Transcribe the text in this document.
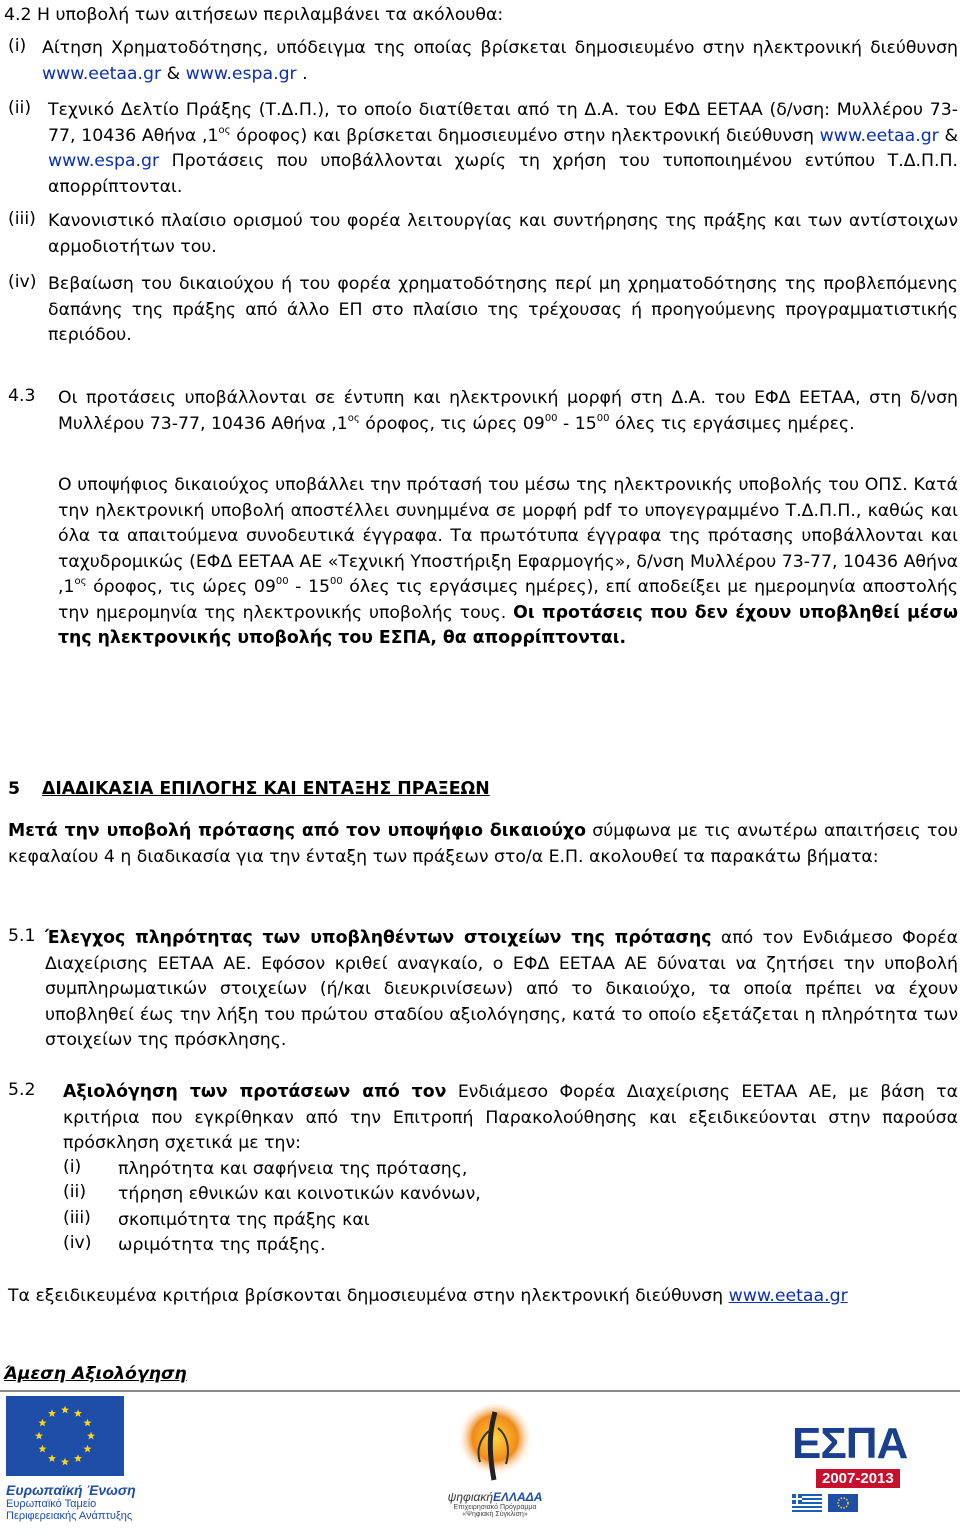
4.2 Η υποβολή των αιτήσεων περιλαμβάνει τα ακόλουθα:

(i) Αίτηση Χρηματοδότησης, υπόδειγμα της οποίας βρίσκεται δημοσιευμένο στην ηλεκτρονική διεύθυνση www.eetaa.gr & www.espa.gr .

(ii) Τεχνικό Δελτίο Πράξης (Τ.Δ.Π.), το οποίο διατίθεται από τη Δ.Α. του ΕΦΔ ΕΕΤΑΑ (δ/νση: Μυλλέρου 73-77, 10436 Αθήνα $,1^{o\varsigma}$ όροφος) και βρίσκεται δημοσιευμένο στην ηλεκτρονική διεύθυνση www.eetaa.gr & www.espa.gr Προτάσεις που υποβάλλονται χωρίς τη χρήση του τυποποιημένου εντύπου Τ.Δ.Π.Π. απορρίπτονται.

(iii) Κανονιστικό πλαίσιο ορισμού του φορέα λειτουργίας και συντήρησης της πράξης και των αντίστοιχων αρμοδιοτήτων του.

(iv) Βεβαίωση του δικαιούχου ή του φορέα χρηματοδότησης περί μη χρηματοδότησης της προβλεπόμενης δαπάνης της πράξης από άλλο ΕΠ στο πλαίσιο της τρέχουσας ή προηγούμενης προγραμματιστικής περιόδου.

4.3	Οι προτάσεις υποβάλλονται σε έντυπη και ηλεκτρονική μορφή στη Δ.Α. του ΕΦΔ ΕΕΤΑΑ, στη δ/νση Μυλλέρου 73-77, 10436 Αθήνα $,1^{o\varsigma}$ όροφος, τις ώρες $09^{00} - 15^{00}$ όλες τις εργάσιμες ημέρες.

Ο υποψήφιος δικαιούχος υποβάλλει την πρότασή του μέσω της ηλεκτρονικής υποβολής του ΟΠΣ. Κατά την ηλεκτρονική υποβολή αποστέλλει συνημμένα σε μορφή pdf το υπογεγραμμένο Τ.Δ.Π.Π., καθώς και όλα τα απαιτούμενα συνοδευτικά έγγραφα. Τα πρωτότυπα έγγραφα της πρότασης υποβάλλονται και ταχυδρομικώς (ΕΦΔ ΕΕΤΑΑ ΑΕ «Τεχνική Υποστήριξη Εφαρμογής», δ/νση Μυλλέρου 73-77, 10436 Αθήνα $,1^{o\varsigma}$ όροφος, τις ώρες $09^{00} - 15^{00}$ όλες τις εργάσιμες ημέρες), επί αποδείξει με ημερομηνία αποστολής την ημερομηνία της ηλεκτρονικής υποβολής τους. Οι προτάσεις που δεν έχουν υποβληθεί μέσω της ηλεκτρονικής υποβολής του ΕΣΠΑ, θα απορρίπτονται.

5	ΔΙΑΔΙΚΑΣΙΑ ΕΠΙΛΟΓΗΣ ΚΑΙ ΕΝΤΑΞΗΣ ΠΡΑΞΕΩΝ

Μετά την υποβολή πρότασης από τον υποψήφιο δικαιούχο σύμφωνα με τις ανωτέρω απαιτήσεις του κεφαλαίου 4 η διαδικασία για την ένταξη των πράξεων στο/α Ε.Π. ακολουθεί τα παρακάτω βήματα:

5.1 Έλεγχος πληρότητας των υποβληθέντων στοιχείων της πρότασης από τον Ενδιάμεσο Φορέα Διαχείρισης ΕΕΤΑΑ ΑΕ. Εφόσον κριθεί αναγκαίο, ο ΕΦΔ ΕΕΤΑΑ ΑΕ δύναται να ζητήσει την υποβολή συμπληρωματικών στοιχείων (ή/και διευκρινίσεων) από το δικαιούχο, τα οποία πρέπει να έχουν υποβληθεί έως την λήξη του πρώτου σταδίου αξιολόγησης, κατά το οποίο εξετάζεται η πληρότητα των στοιχείων της πρόσκλησης.

5.2	Αξιολόγηση των προτάσεων από τον Ενδιάμεσο Φορέα Διαχείρισης ΕΕΤΑΑ ΑΕ, με βάση τα κριτήρια που εγκρίθηκαν από την Επιτροπή Παρακολούθησης και εξειδικεύονται στην παρούσα πρόσκληση σχετικά με την:

(i)	πληρότητα και σαφήνεια της πρότασης,

(ii)	τήρηση εθνικών και κοινοτικών κανόνων,

(iii)	σκοπιμότητα της πράξης και

(iv)	ωριμότητα της πράξης.

Τα εξειδικευμένα κριτήρια βρίσκονται δημοσιευμένα στην ηλεκτρονική διεύθυνση www.eetaa.gr

Άμεση Αξιολόγηση

Ευρωπαϊκή Ένωση
Ευρωπαϊκό Ταμείο
Περιφερειακής Ανάπτυξης
ψηφιακήΕΛΛΑΔΑ
Επιχειρησιακό Πρόγραμμα
«Ψηφιακή Σύγκλιση»
ΕΣΠΑ
2007-2013
